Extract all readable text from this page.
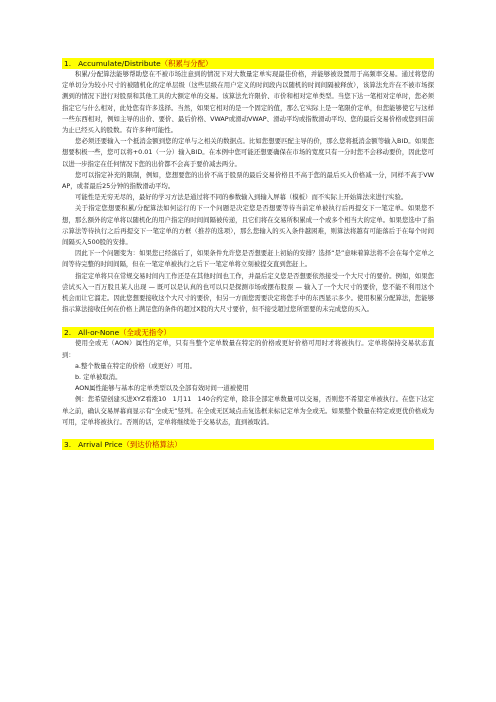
1. Accumulate/Distribute（积累与分配）

积累/分配算法能够帮助您在不被市场注意到的情况下对大数量定单实现最佳价格，并能够被设置用于高频率交易。通过将您的定单切分为较小尺寸的被随机化的定单层级（这些层级在用户定义的时间段内以随机的时间间隔被释放），该算法允许在不被市场探测到的情况下进行对股票和其他工具的大额定单的交易。该算法允许限价、市价和相对定单类型。当您下达一笔相对定单时，您必须指定它与什么相对，此处您有许多选择。当然，如果它相对的是一个固定的值，那么它实际上是一笔限价定单，但您能够使它与这样一些东西相对，例如主导的出价、要价、最后价格、VWAP或滑动VWAP、滑动平均或指数滑动平均、您的最后交易价格或您到目前为止已经买入的股数。有许多种可能性。

您必须还要输入一个抵消金额到您的定单与之相关的数据点。比如您想要匹配主导的价，那么您将抵消金额等输入BID。如果您想要积极一些，您可以将+0.01（一分）输入BID。在本例中您可能还想要确保在市场的宽度只有一分时您不会移动要价，因此您可以进一步指定在任何情况下您的出价都不会高于要价减去两分。

您可以指定补充的限制，例如，您想要您的出价不高于股票的最后交易价格且不高于您的最后买入价格减一分，同样不高于VWAP，或者最后25分钟的指数滑动平均。

可能性是无穷无尽的，最好的学习方法是通过将不同的参数输入到输入屏幕（模板）而不实际上开始算法来进行实验。

关于指定您想要积累/分配算法如何运行的下一个问题是决定您是否想要等待当前定单被执行后再提交下一笔定单。如果您不想，那么额外的定单将以随机化的用户指定的时间间隔被传递，且它们将在交易所积累成一个或多个相当大的定单。如果您选中了指示算法等待执行之后再提交下一笔定单的方框（推荐的选项），那么您输入的买入条件越困难，则算法将越有可能落后于在每个时间间隔买入500股的安排。

因此下一个问题变为：如果您已经落后了，如果条件允许您是否想要赶上初始的安排？选择“是”意味着算法将不会在每个定单之间等待完整的时间间隔，但在一笔定单被执行之后下一笔定单将立刻被提交直到您赶上。

指定定单将只在常规交易时间内工作还是在其他时间也工作，并最后定义您是否想要依然接受一个大尺寸的要价。例如，如果您尝试买入一百万股且某人出现 — 既可以是认真的也可以只是探测市场或摆布股票 — 输入了一个大尺寸的要价，您不能不利用这个机会而让它溜走。因此您想要接收这个大尺寸的要价，但另一方面您需要决定将您手中的东西显示多少。使用积累分配算法，您能够指示算法接收任何在价格上满足您的条件的超过X股的大尺寸要价，但不接受超过您所需要的未完成您的买入。

2. All-or-None（全或无指令）

使用全或无（AON）属性的定单，只有当整个定单数量在特定的价格或更好价格可用时才将被执行。定单将保持交易状态直到：

a.整个数量在特定的价格（或更好）可用。

b. 定单被取消。

AON属性能够与基本的定单类型以及全部有效时间一道被使用

例：您希望创建买进XYZ看涨10　1月11　140合约定单，除非全部定单数量可以交易，否则您不希望定单被执行。在您下达定单之前，确认交易屏幕商显示有“全或无”竖列。在全或无区域点击复选框来标记定单为全或无。如果整个数量在特定或更优价格成为可用，定单将被执行。否则的话，定单将继续处于交易状态，直到被取消。

3. Arrival Price（到达价格算法）
